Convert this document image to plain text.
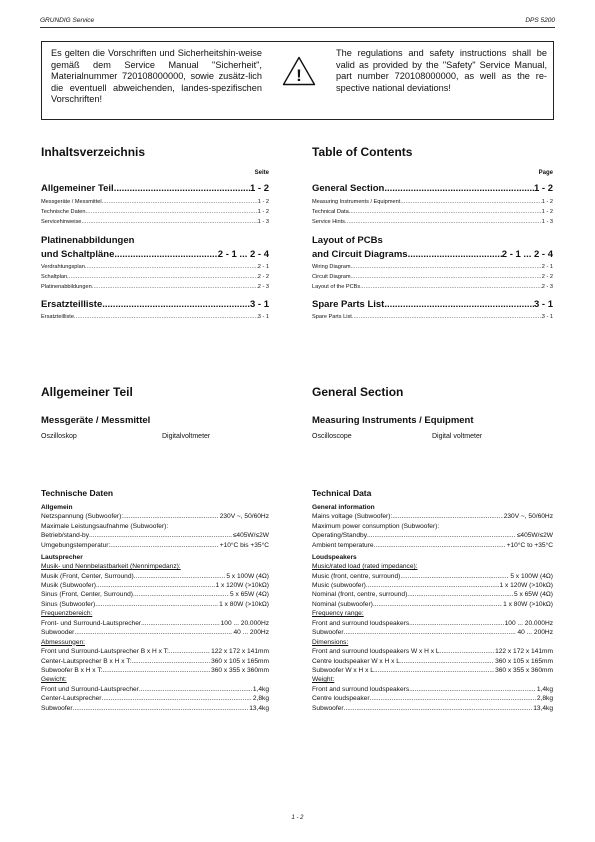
GRUNDIG Service	DPS 5200
Es gelten die Vorschriften und Sicherheitshin-weise gemäß dem Service Manual "Sicherheit", Materialnummer 720108000000, sowie zusätz-lich die eventuell abweichenden, landes-spezifischen Vorschriften!
!
The regulations and safety instructions shall be valid as provided by the "Safety" Service Manual, part number 720108000000, as well as the re-spective national deviations!
Inhaltsverzeichnis
Seite
Allgemeiner Teil .....	1 - 2
Messgeräte / Messmittel .....	1 - 2
Technische Daten .....	1 - 2
Servicehinweise .....	1 - 3
Platinenabbildungen
und Schaltpläne .....	2 - 1 ... 2 - 4
Verdrahtungsplan .....	2 - 1
Schaltplan .....	2 - 2
Platinenabbildungen .....	2 - 3
Ersatzteilliste .....	3 - 1
Ersatzteilliste .....	3 - 1
Table of Contents
Page
General Section .....	1 - 2
Measuring Instruments / Equipment .....	1 - 2
Technical Data .....	1 - 2
Service Hints .....	1 - 3
Layout of PCBs
and Circuit Diagrams .....	2 - 1 ... 2 - 4
Wiring Diagram .....	2 - 1
Circuit Diagram .....	2 - 2
Layout of the PCBs .....	2 - 3
Spare Parts List .....	3 - 1
Spare Parts List .....	3 - 1
Allgemeiner Teil
Messgeräte / Messmittel
Oszilloskop	Digitalvoltmeter
General Section
Measuring Instruments / Equipment
Oscilloscope	Digital voltmeter
Technische Daten	Technical Data
Allgemein
Netzspannung (Subwoofer): .....	230V ~, 50/60Hz
Maximale Leistungsaufnahme (Subwoofer):
Betrieb/stand-by .....	≤405W/≤2W
Umgebungstemperatur: .....	+10°C bis +35°C
Lautsprecher
Musik- und Nennbelastbarkeit (Nennimpedanz):
Musik (Front, Center, Surround) .....	5 x 100W (4Ω)
Musik (Subwoofer) .....	1 x 120W (>10kΩ)
Sinus (Front, Center, Surround) .....	5 x 65W (4Ω)
Sinus (Subwoofer) .....	1 x 80W (>10kΩ)
Frequenzbereich:
Front- und Surround-Lautsprecher .....	100 ... 20.000Hz
Subwooder .....	40 ... 200Hz
Abmessungen:
Front und Surround-Lautsprecher B x H x T: .....	122 x 172 x 141mm
Center-Lautsprecher B x H x T: .....	360 x 105 x 165mm
Subwoofer B x H x T: .....	360 x 355 x 360mm
Gewicht:
Front und Surround-Lautsprecher .....	1,4kg
Center-Lautsprecher .....	2,8kg
Subwoofer .....	13,4kg
General information
Mains voltage (Subwoofer): .....	230V ~, 50/60Hz
Maximum power consumption (Subwoofer):
Operating/Standby .....	≤405W/≤2W
Ambient temperature .....	+10°C to +35°C
Loudspeakers
Music/rated load (rated impedance):
Music (front, centre, surround) .....	5 x 100W (4Ω)
Music (subwoofer) .....	1 x 120W (>10kΩ)
Nominal (front, centre, surround) .....	5 x 65W (4Ω)
Nominal (subwoofer) .....	1 x 80W (>10kΩ)
Frequency range:
Front and surround loudspeakers .....	100 ... 20.000Hz
Subwoofer .....	40 ... 200Hz
Dimensions:
Front and surround loudspeakers W x H x L .....	122 x 172 x 141mm
Centre loudspeaker W x H x L .....	360 x 105 x 165mm
Subwoofer W x H x L .....	360 x 355 x 360mm
Weight:
Front and surround loudspeakers .....	1,4kg
Centre loudspeaker .....	2,8kg
Subwoofer .....	13,4kg
1 - 2
